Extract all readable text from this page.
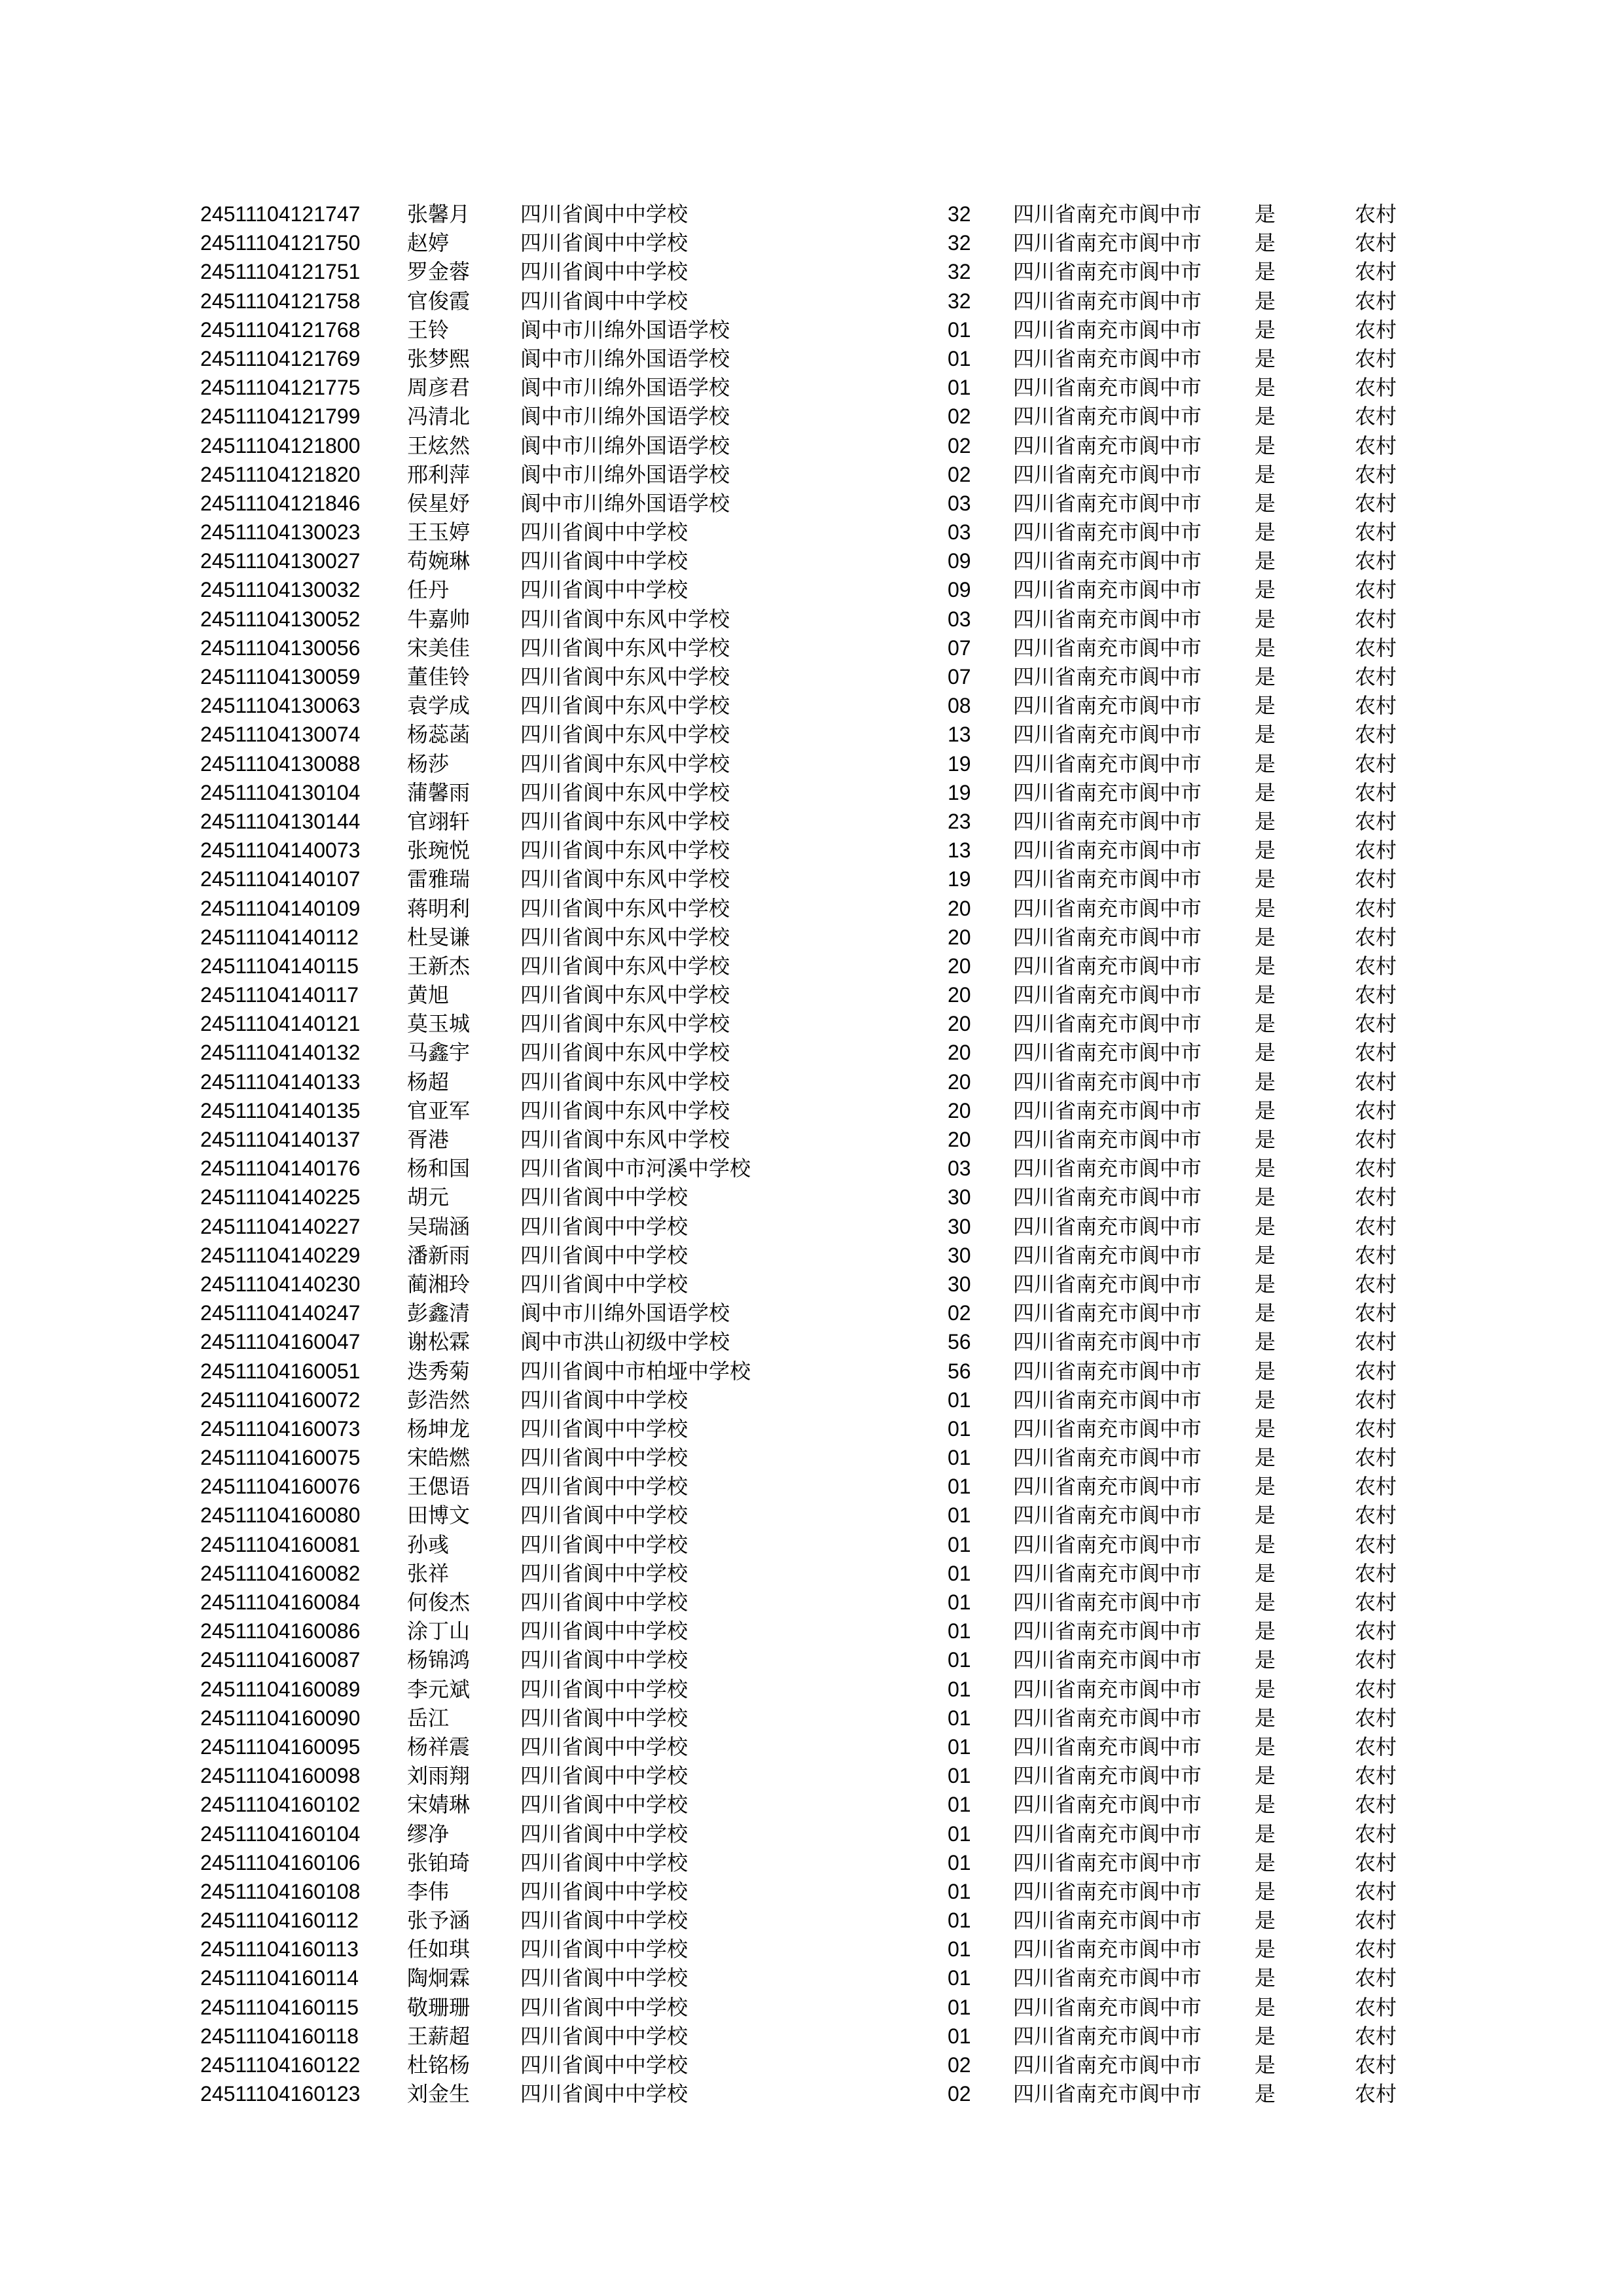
24511104121747 张馨月 四川省阆中中学校	32 四川省南充市阆中市	是	农村
24511104121750 赵婷	四川省阆中中学校	32 四川省南充市阆中市	是	农村
24511104121751 罗金蓉 四川省阆中中学校	32 四川省南充市阆中市	是	农村
24511104121758 官俊霞 四川省阆中中学校	32 四川省南充市阆中市	是	农村
24511104121768 王铃	阆中市川绵外国语学校	01 四川省南充市阆中市	是	农村
24511104121769 张梦熙 阆中市川绵外国语学校	01 四川省南充市阆中市	是	农村
24511104121775 周彦君 阆中市川绵外国语学校	01 四川省南充市阆中市	是	农村
24511104121799 冯清北 阆中市川绵外国语学校	02 四川省南充市阆中市	是	农村
24511104121800 王炫然 阆中市川绵外国语学校	02 四川省南充市阆中市	是	农村
24511104121820 邢利萍 阆中市川绵外国语学校	02 四川省南充市阆中市	是	农村
24511104121846 侯星妤 阆中市川绵外国语学校	03 四川省南充市阆中市	是	农村
24511104130023 王玉婷 四川省阆中中学校	03 四川省南充市阆中市	是	农村
24511104130027 苟婉琳 四川省阆中中学校	09 四川省南充市阆中市	是	农村
24511104130032 任丹	四川省阆中中学校	09 四川省南充市阆中市	是	农村
24511104130052 牛嘉帅 四川省阆中东风中学校	03 四川省南充市阆中市	是	农村
24511104130056 宋美佳 四川省阆中东风中学校	07 四川省南充市阆中市	是	农村
24511104130059 董佳铃 四川省阆中东风中学校	07 四川省南充市阆中市	是	农村
24511104130063 袁学成 四川省阆中东风中学校	08 四川省南充市阆中市	是	农村
24511104130074 杨蕊菡 四川省阆中东风中学校	13 四川省南充市阆中市	是	农村
24511104130088 杨莎	四川省阆中东风中学校	19 四川省南充市阆中市	是	农村
24511104130104 蒲馨雨 四川省阆中东风中学校	19 四川省南充市阆中市	是	农村
24511104130144 官翊轩 四川省阆中东风中学校	23 四川省南充市阆中市	是	农村
24511104140073 张琬悦 四川省阆中东风中学校	13 四川省南充市阆中市	是	农村
24511104140107 雷雅瑞 四川省阆中东风中学校	19 四川省南充市阆中市	是	农村
24511104140109 蒋明利 四川省阆中东风中学校	20 四川省南充市阆中市	是	农村
24511104140112 杜旻谦 四川省阆中东风中学校	20 四川省南充市阆中市	是	农村
24511104140115 王新杰 四川省阆中东风中学校	20 四川省南充市阆中市	是	农村
24511104140117 黄旭	四川省阆中东风中学校	20 四川省南充市阆中市	是	农村
24511104140121 莫玉城 四川省阆中东风中学校	20 四川省南充市阆中市	是	农村
24511104140132 马鑫宇 四川省阆中东风中学校	20 四川省南充市阆中市	是	农村
24511104140133 杨超	四川省阆中东风中学校	20 四川省南充市阆中市	是	农村
24511104140135 官亚军 四川省阆中东风中学校	20 四川省南充市阆中市	是	农村
24511104140137 胥港	四川省阆中东风中学校	20 四川省南充市阆中市	是	农村
24511104140176 杨和国 四川省阆中市河溪中学校	03 四川省南充市阆中市	是	农村
24511104140225 胡元	四川省阆中中学校	30 四川省南充市阆中市	是	农村
24511104140227 吴瑞涵 四川省阆中中学校	30 四川省南充市阆中市	是	农村
24511104140229 潘新雨 四川省阆中中学校	30 四川省南充市阆中市	是	农村
24511104140230 蔺湘玲 四川省阆中中学校	30 四川省南充市阆中市	是	农村
24511104140247 彭鑫清 阆中市川绵外国语学校	02 四川省南充市阆中市	是	农村
24511104160047 谢松霖 阆中市洪山初级中学校	56 四川省南充市阆中市	是	农村
24511104160051 迭秀菊 四川省阆中市柏垭中学校	56 四川省南充市阆中市	是	农村
24511104160072 彭浩然 四川省阆中中学校	01 四川省南充市阆中市	是	农村
24511104160073 杨坤龙 四川省阆中中学校	01 四川省南充市阆中市	是	农村
24511104160075 宋皓燃 四川省阆中中学校	01 四川省南充市阆中市	是	农村
24511104160076 王偲语 四川省阆中中学校	01 四川省南充市阆中市	是	农村
24511104160080 田博文 四川省阆中中学校	01 四川省南充市阆中市	是	农村
24511104160081 孙彧	四川省阆中中学校	01 四川省南充市阆中市	是	农村
24511104160082 张祥	四川省阆中中学校	01 四川省南充市阆中市	是	农村
24511104160084 何俊杰 四川省阆中中学校	01 四川省南充市阆中市	是	农村
24511104160086 涂丁山 四川省阆中中学校	01 四川省南充市阆中市	是	农村
24511104160087 杨锦鸿 四川省阆中中学校	01 四川省南充市阆中市	是	农村
24511104160089 李元斌 四川省阆中中学校	01 四川省南充市阆中市	是	农村
24511104160090 岳江	四川省阆中中学校	01 四川省南充市阆中市	是	农村
24511104160095 杨祥震 四川省阆中中学校	01 四川省南充市阆中市	是	农村
24511104160098 刘雨翔 四川省阆中中学校	01 四川省南充市阆中市	是	农村
24511104160102 宋婧琳 四川省阆中中学校	01 四川省南充市阆中市	是	农村
24511104160104 缪净	四川省阆中中学校	01 四川省南充市阆中市	是	农村
24511104160106 张铂琦 四川省阆中中学校	01 四川省南充市阆中市	是	农村
24511104160108 李伟	四川省阆中中学校	01 四川省南充市阆中市	是	农村
24511104160112 张予涵 四川省阆中中学校	01 四川省南充市阆中市	是	农村
24511104160113 任如琪 四川省阆中中学校	01 四川省南充市阆中市	是	农村
24511104160114 陶炯霖 四川省阆中中学校	01 四川省南充市阆中市	是	农村
24511104160115 敬珊珊 四川省阆中中学校	01 四川省南充市阆中市	是	农村
24511104160118 王薪超 四川省阆中中学校	01 四川省南充市阆中市	是	农村
24511104160122 杜铭杨 四川省阆中中学校	02 四川省南充市阆中市	是	农村
24511104160123 刘金生 四川省阆中中学校	02 四川省南充市阆中市	是	农村
